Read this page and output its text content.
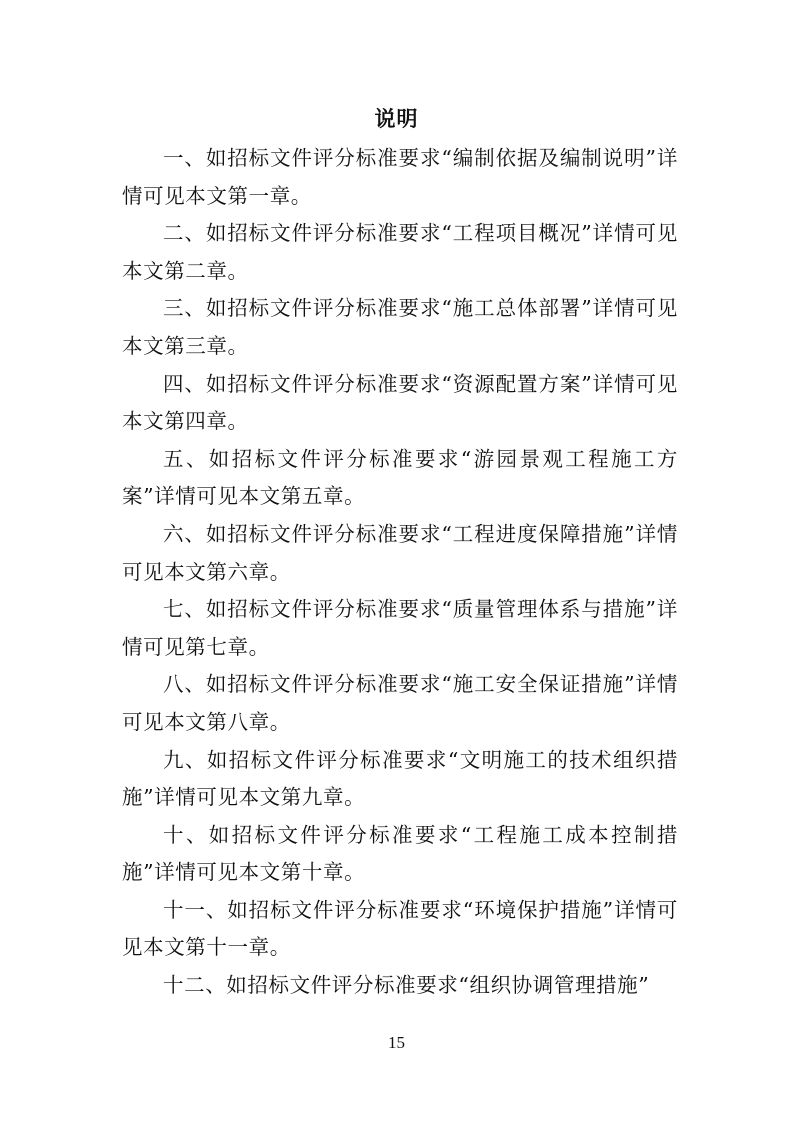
说明

一、如招标文件评分标准要求“编制依据及编制说明”详情可见本文第一章。

二、如招标文件评分标准要求“工程项目概况”详情可见本文第二章。

三、如招标文件评分标准要求“施工总体部署”详情可见本文第三章。

四、如招标文件评分标准要求“资源配置方案”详情可见本文第四章。

五、如招标文件评分标准要求“游园景观工程施工方案”详情可见本文第五章。

六、如招标文件评分标准要求“工程进度保障措施”详情可见本文第六章。

七、如招标文件评分标准要求“质量管理体系与措施”详情可见第七章。

八、如招标文件评分标准要求“施工安全保证措施”详情可见本文第八章。

九、如招标文件评分标准要求“文明施工的技术组织措施”详情可见本文第九章。

十、如招标文件评分标准要求“工程施工成本控制措施”详情可见本文第十章。

十一、如招标文件评分标准要求“环境保护措施”详情可见本文第十一章。

十二、如招标文件评分标准要求“组织协调管理措施”

15
